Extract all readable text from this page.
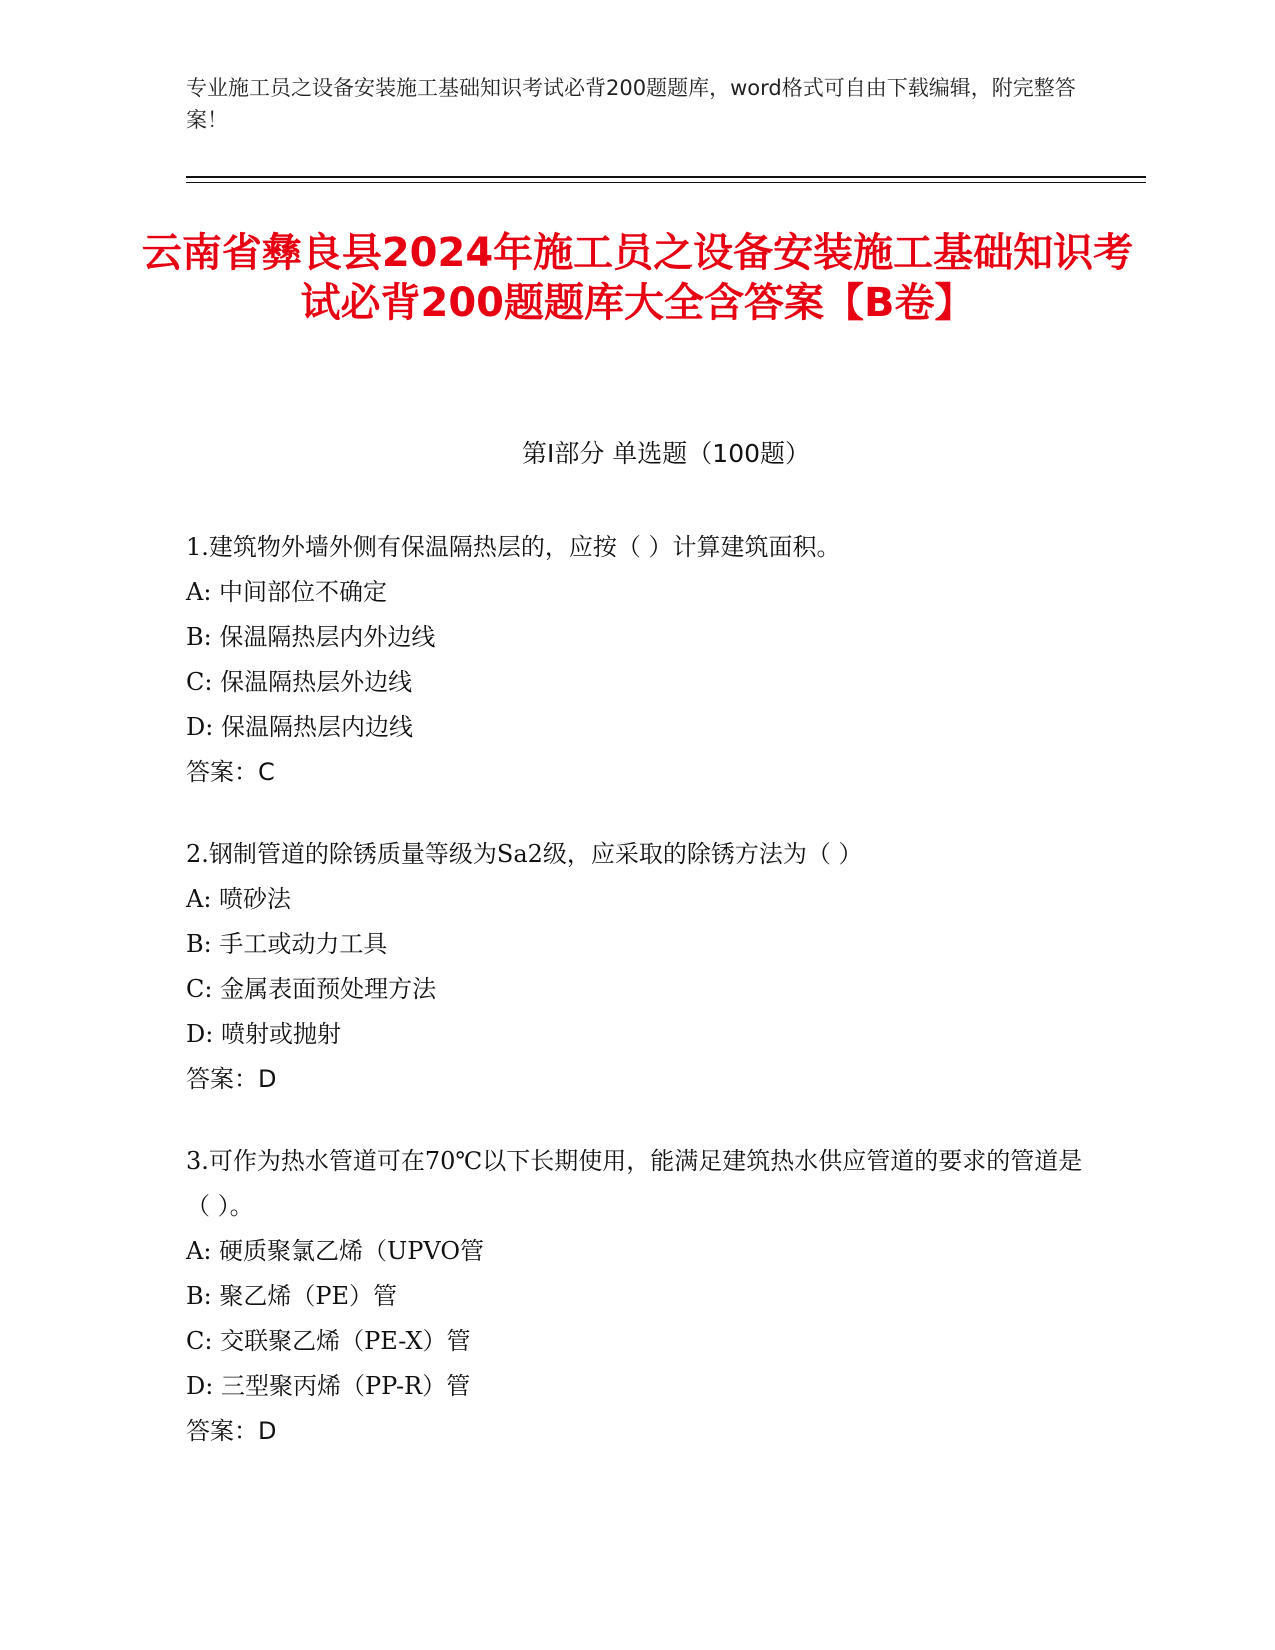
专业施工员之设备安装施工基础知识考试必背200题题库，word格式可自由下载编辑，附完整答案！
云南省彝良县2024年施工员之设备安装施工基础知识考试必背200题题库大全含答案【B卷】
第Ⅰ部分 单选题（100题）
1.建筑物外墙外侧有保温隔热层的，应按（ ）计算建筑面积。
A: 中间部位不确定
B: 保温隔热层内外边线
C: 保温隔热层外边线
D: 保温隔热层内边线
答案：C
2.钢制管道的除锈质量等级为Sa2级，应采取的除锈方法为（ ）
A: 喷砂法
B: 手工或动力工具
C: 金属表面预处理方法
D: 喷射或抛射
答案：D
3.可作为热水管道可在70℃以下长期使用，能满足建筑热水供应管道的要求的管道是（ ）。
A: 硬质聚氯乙烯（UPVO管
B: 聚乙烯（PE）管
C: 交联聚乙烯（PE-X）管
D: 三型聚丙烯（PP-R）管
答案：D
